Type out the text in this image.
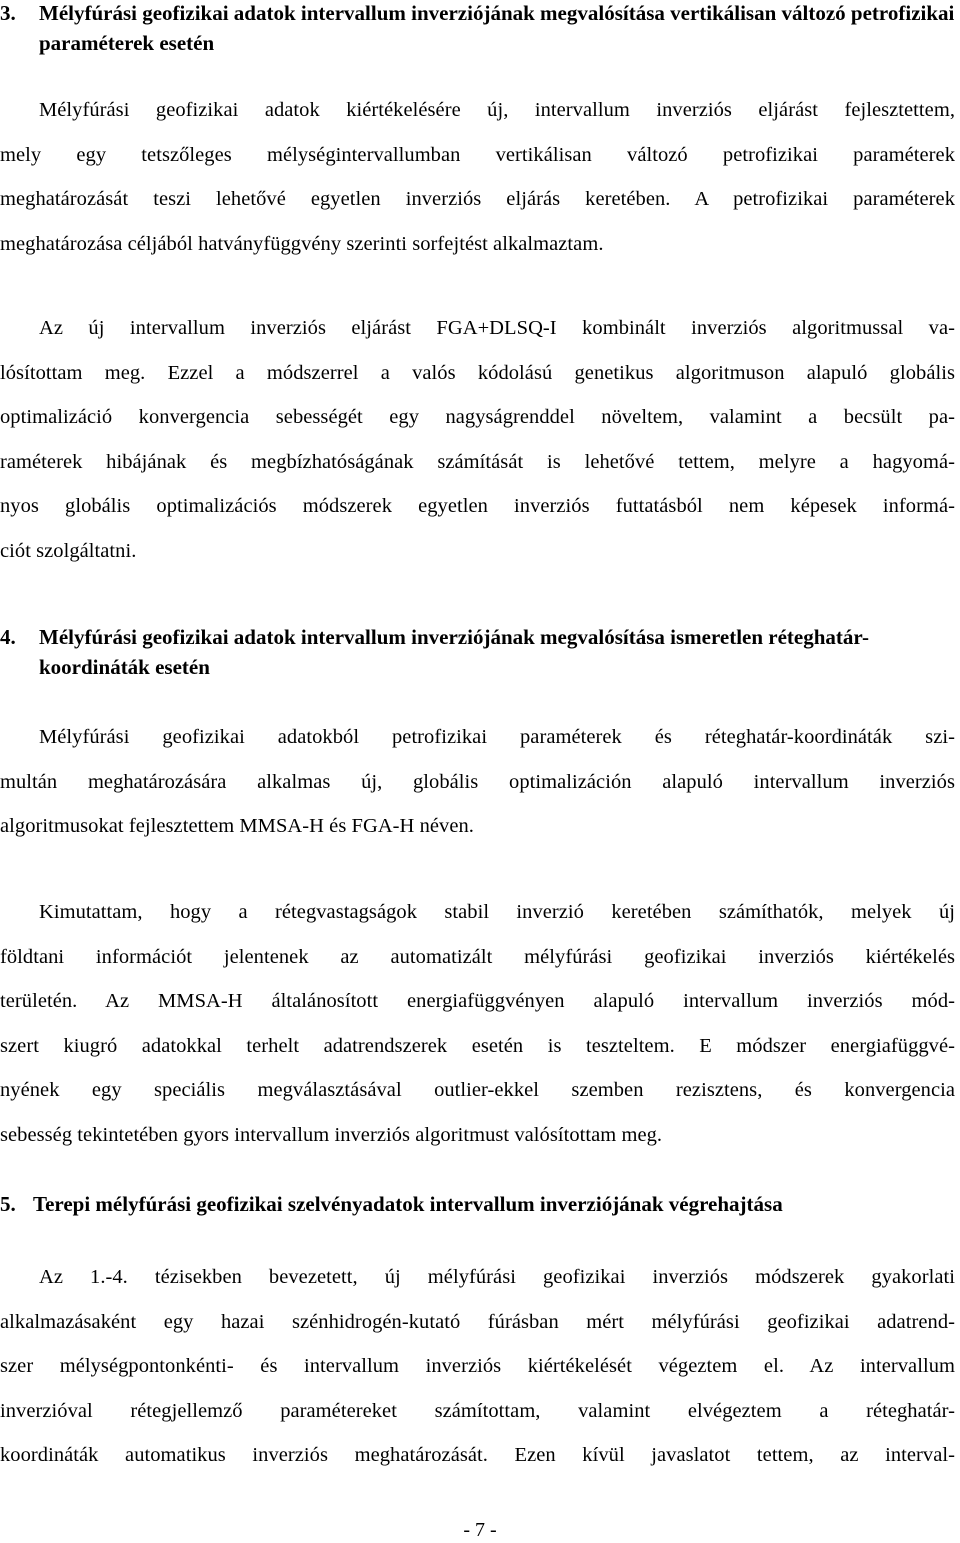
3. Mélyfúrási geofizikai adatok intervallum inverziójának megvalósítása vertikálisan változó petrofizikai paraméterek esetén
Mélyfúrási geofizikai adatok kiértékelésére új, intervallum inverziós eljárást fejlesztettem,
mely egy tetszőleges mélységintervallumban vertikálisan változó petrofizikai paraméterek
meghatározását teszi lehetővé egyetlen inverziós eljárás keretében. A petrofizikai paraméterek
meghatározása céljából hatványfüggvény szerinti sorfejtést alkalmaztam.
Az új intervallum inverziós eljárást FGA+DLSQ-I kombinált inverziós algoritmussal va-
lósítottam meg. Ezzel a módszerrel a valós kódolású genetikus algoritmuson alapuló globális
optimalizáció konvergencia sebességét egy nagyságrenddel növeltem, valamint a becsült pa-
raméterek hibájának és megbízhatóságának számítását is lehetővé tettem, melyre a hagyomá-
nyos globális optimalizációs módszerek egyetlen inverziós futtatásból nem képesek informá-
ciót szolgáltatni.
4. Mélyfúrási geofizikai adatok intervallum inverziójának megvalósítása ismeretlen réteghatár-koordináták esetén
Mélyfúrási geofizikai adatokból petrofizikai paraméterek és réteghatár-koordináták szi-
multán meghatározására alkalmas új, globális optimalizáción alapuló intervallum inverziós
algoritmusokat fejlesztettem MMSA-H és FGA-H néven.
Kimutattam, hogy a rétegvastagságok stabil inverzió keretében számíthatók, melyek új
földtani információt jelentenek az automatizált mélyfúrási geofizikai inverziós kiértékelés
területén. Az MMSA-H általánosított energiafüggvényen alapuló intervallum inverziós mód-
szert kiugró adatokkal terhelt adatrendszerek esetén is teszteltem. E módszer energiafüggvé-
nyének egy speciális megválasztásával outlier-ekkel szemben rezisztens, és konvergencia
sebesség tekintetében gyors intervallum inverziós algoritmust valósítottam meg.
5. Terepi mélyfúrási geofizikai szelvényadatok intervallum inverziójának végrehajtása
Az 1.-4. tézisekben bevezetett, új mélyfúrási geofizikai inverziós módszerek gyakorlati
alkalmazásaként egy hazai szénhidrogén-kutató fúrásban mért mélyfúrási geofizikai adatrend-
szer mélységpontonkénti- és intervallum inverziós kiértékelését végeztem el. Az intervallum
inverzióval rétegjellemző paramétereket számítottam, valamint elvégeztem a réteghatár-
koordináták automatikus inverziós meghatározását. Ezen kívül javaslatot tettem, az interval-
- 7 -
